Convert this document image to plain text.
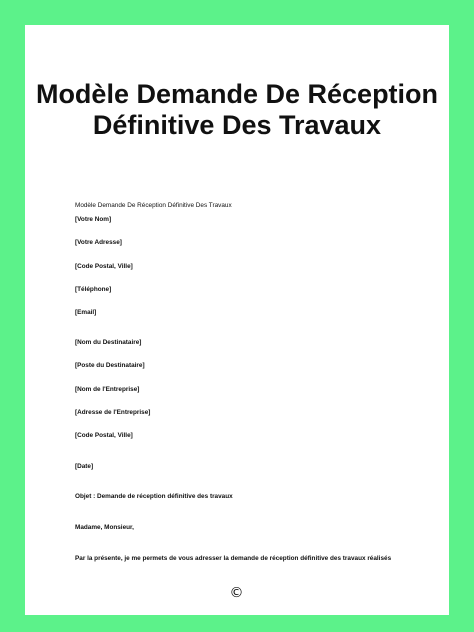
Modèle Demande De Réception Définitive Des Travaux

Modèle Demande De Réception Définitive Des Travaux

[Votre Nom]

[Votre Adresse]

[Code Postal, Ville]

[Téléphone]

[Email]

[Nom du Destinataire]

[Poste du Destinataire]

[Nom de l'Entreprise]

[Adresse de l'Entreprise]

[Code Postal, Ville]

[Date]

Objet : Demande de réception définitive des travaux

Madame, Monsieur,

Par la présente, je me permets de vous adresser la demande de réception définitive des travaux réalisés

©
